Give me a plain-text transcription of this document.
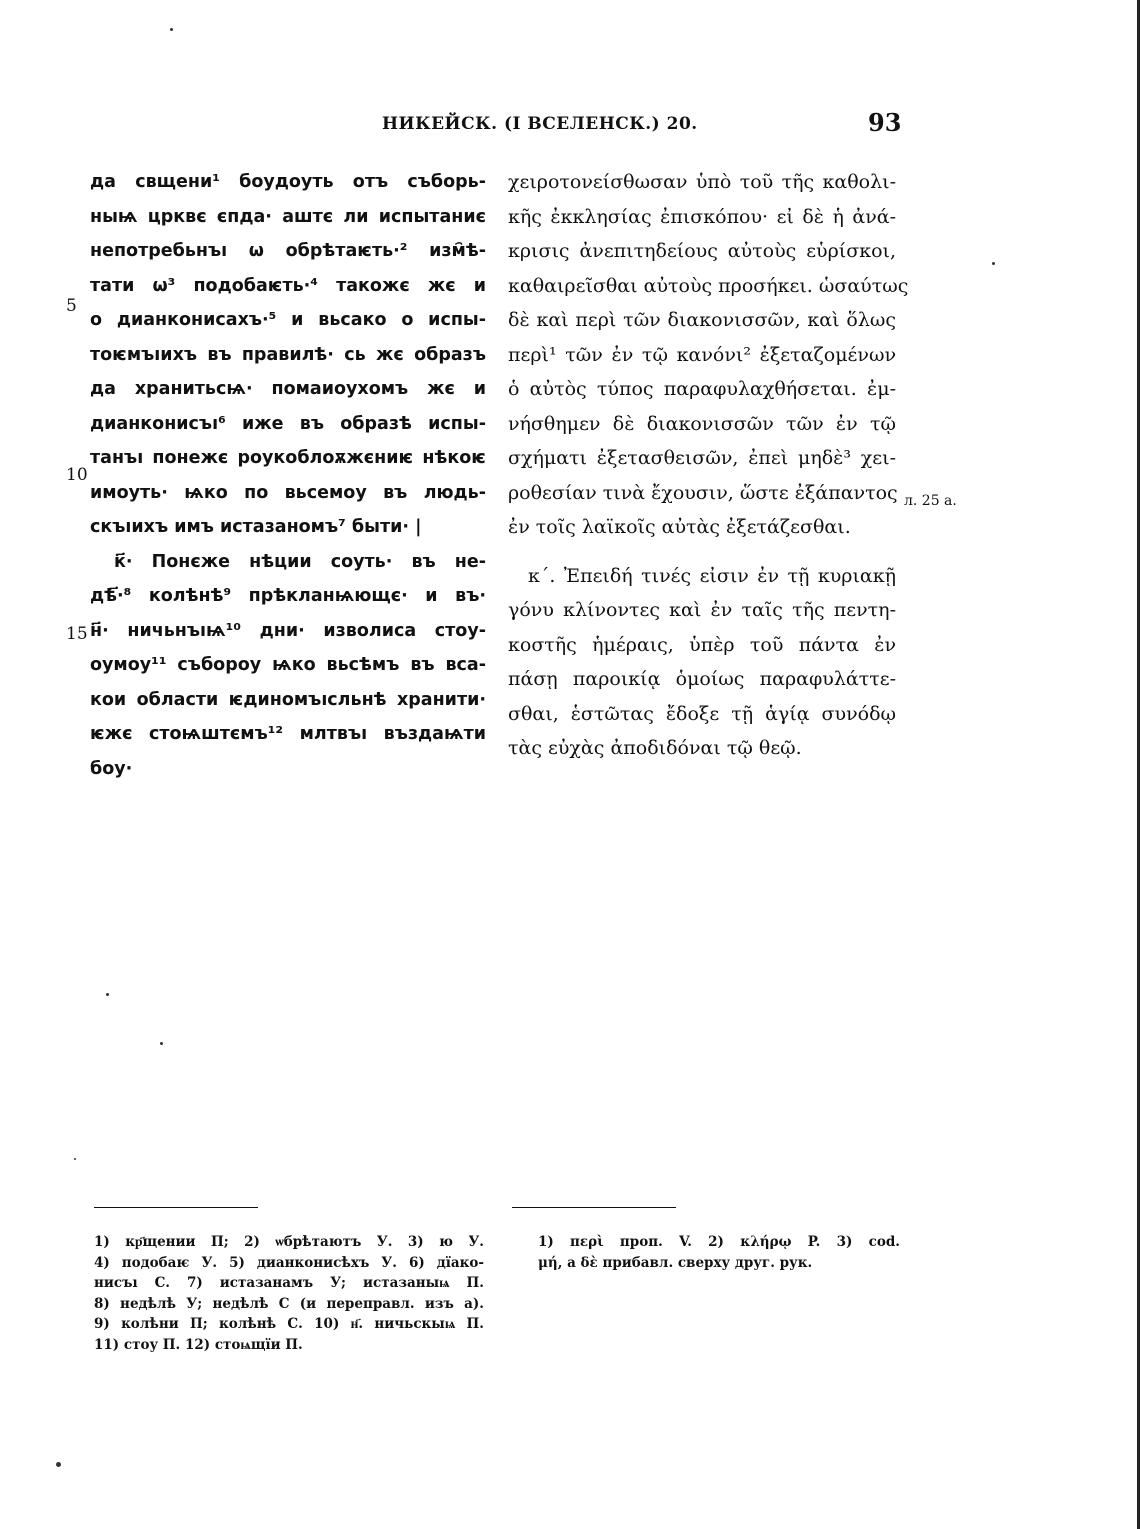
НИКЕЙСК. (I ВСЕЛЕНСК.) 20.	93
5
10
15
да свщени¹ боудоуть отъ съборь-
ныѩ црквє єпда· аштє ли испытаниє
непотребьнъı ѡ обрѣтаѥть·² изм҄ѣ-
тати ѡ³ подобаѥть·⁴ такожє жє и
о дианконисахъ·⁵ и вьсако о испы-
тоѥмъıихъ въ правилѣ· сь жє образъ
да хранитьсѩ· помаиоухомъ жє и
дианконисъı⁶ иже въ образѣ испы-
танъı понежє роукоблоѫжєниѥ нѣкоѥ
имоуть· ѩко по вьсемоу въ людь-
скъıихъ имъ истазаномъ⁷ быти· |
к҃· Понєже нѣции соуть· въ не-
дѣ҃·⁸ колѣнѣ⁹ прѣкланѩющє· и въ·
н҃· ничьнъıѩ¹⁰ дни· изволиса стоу-
оумоу¹¹ съборoу ѩко вьсѣмъ въ вса-
кои области ѥдиномъıсльнѣ хранити·
ѥжє стоѩштємъ¹² млтвъı въздаѩти
бoу·
χειροτονείσθωσαν ὑπὸ τοῦ τῆς καθολι-
κῆς ἐκκλησίας ἐπισκόπου· εἰ δὲ ἡ ἀνά-
κρισις ἀνεπιτηδείους αὐτοὺς εὑρίσκοι,
καθαιρεῖσθαι αὐτοὺς προσήκει. ὡσαύτως
δὲ καὶ περὶ τῶν διακονισσῶν, καὶ ὅλως
περὶ¹ τῶν ἐν τῷ κανόνι² ἐξεταζομένων
ὁ αὐτὸς τύπος παραφυλαχθήσεται. ἐμ-
νήσθημεν δὲ διακονισσῶν τῶν ἐν τῷ
σχήματι ἐξετασθεισῶν, ἐπεὶ μηδὲ³ χει-
ροθεσίαν τινὰ ἔχουσιν, ὥστε ἐξάπαντος
ἐν τοῖς λαϊκοῖς αὐτὰς ἐξετάζεσθαι.
κ΄. Ἐπειδή τινές εἰσιν ἐν τῇ κυριακῇ
γόνυ κλίνοντες καὶ ἐν ταῖς τῆς πεντη-
κοστῆς ἡμέραις, ὑπὲρ τοῦ πάντα ἐν
πάσῃ παροικίᾳ ὁμοίως παραφυλάττε-
σθαι, ἑστῶτας ἔδοξε τῇ ἁγίᾳ συνόδῳ
τὰς εὐχὰς ἀποδιδόναι τῷ θεῷ.
л. 25 а.
1) кр҃щении П; 2) ѡбрѣтаютъ У. 3) ю У.
4) подобаѥ У. 5) дианконисѣхъ У. 6) дїако-
нисъı С. 7) истазанамъ У; истазаныѩ П.
8) недѣлѣ У; недѣлѣ С (и переправл. изъ а).
9) колѣни П; колѣнѣ С. 10) н҃. ничьскыѩ П.
11) стоу П. 12) стоѩщїи П.
1) περὶ проп. V. 2) κλήρῳ P. 3) cod.
μή, а δὲ прибавл. сверху друг. рук.
